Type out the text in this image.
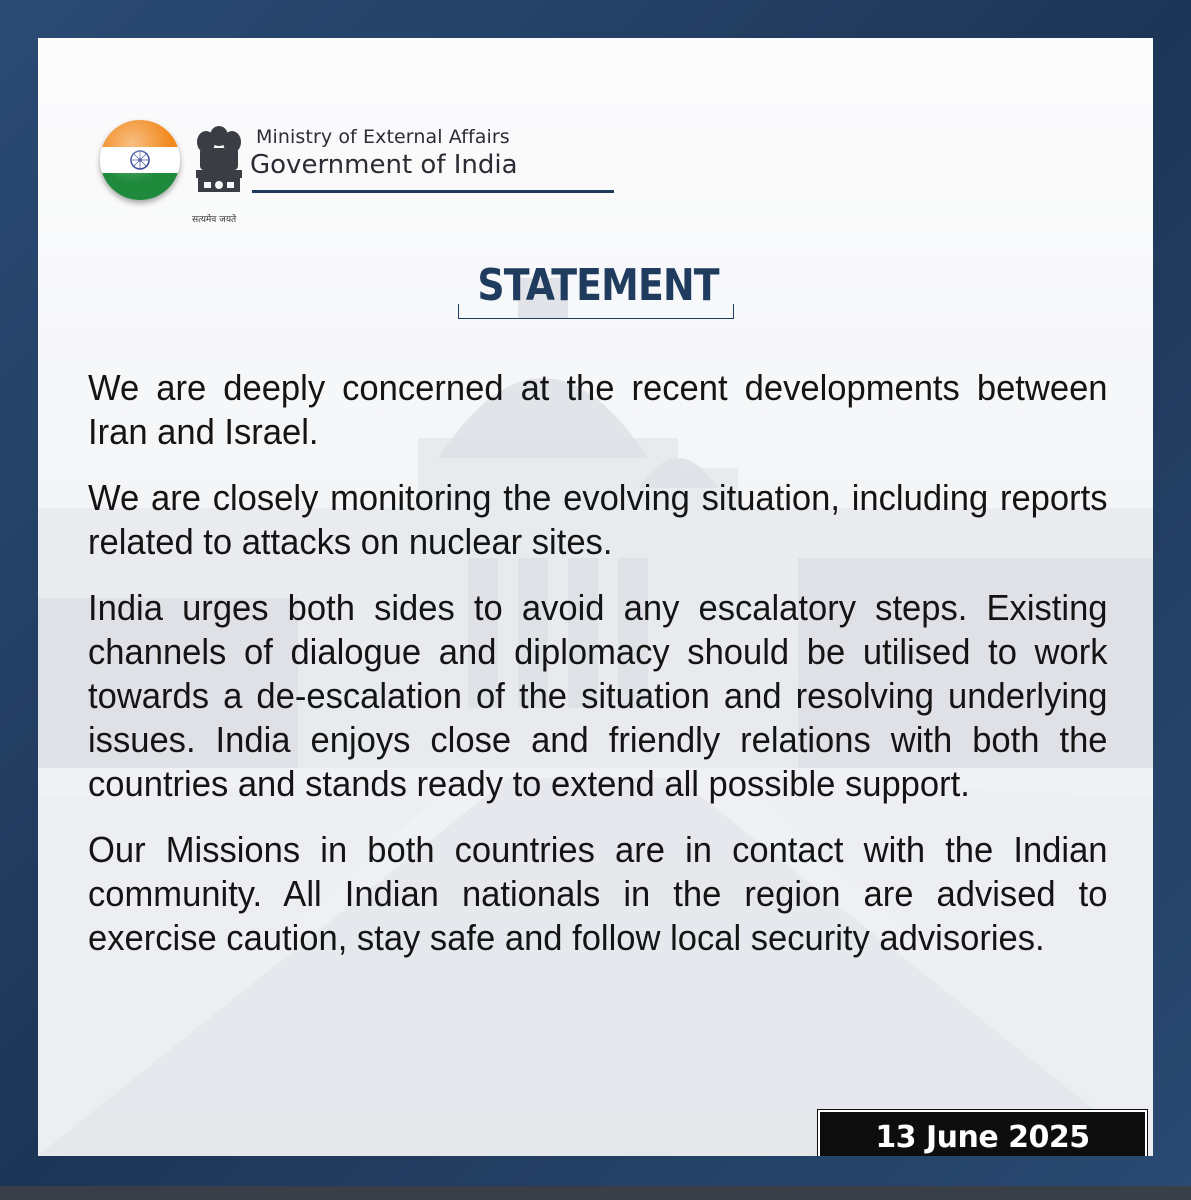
Ministry of External Affairs
Government of India
सत्यमेव जयते
STATEMENT

We are deeply concerned at the recent developments between Iran and Israel.

We are closely monitoring the evolving situation, including reports related to attacks on nuclear sites.

India urges both sides to avoid any escalatory steps. Existing channels of dialogue and diplomacy should be utilised to work towards a de-escalation of the situation and resolving underlying issues. India enjoys close and friendly relations with both the countries and stands ready to extend all possible support.

Our Missions in both countries are in contact with the Indian community. All Indian nationals in the region are advised to exercise caution, stay safe and follow local security advisories.

13 June 2025
